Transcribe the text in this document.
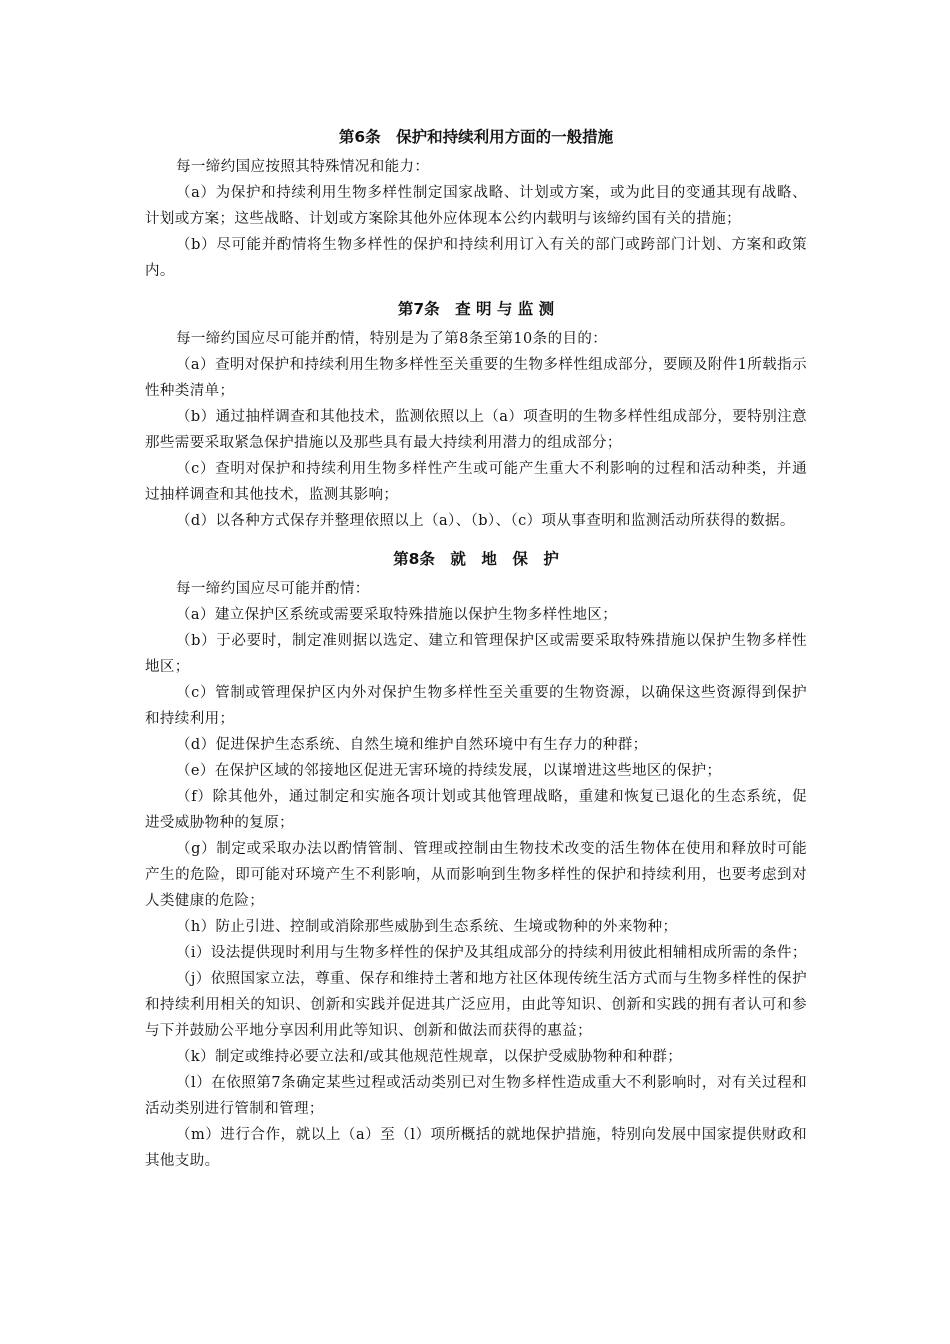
第6条　保护和持续利用方面的一般措施

每一缔约国应按照其特殊情况和能力：

（a）为保护和持续利用生物多样性制定国家战略、计划或方案，或为此目的变通其现有战略、计划或方案；这些战略、计划或方案除其他外应体现本公约内载明与该缔约国有关的措施；

（b）尽可能并酌情将生物多样性的保护和持续利用订入有关的部门或跨部门计划、方案和政策内。

第7条　查 明 与 监 测

每一缔约国应尽可能并酌情，特别是为了第8条至第10条的目的：

（a）查明对保护和持续利用生物多样性至关重要的生物多样性组成部分，要顾及附件1所载指示性种类清单；

（b）通过抽样调查和其他技术，监测依照以上（a）项查明的生物多样性组成部分，要特别注意那些需要采取紧急保护措施以及那些具有最大持续利用潜力的组成部分；

（c）查明对保护和持续利用生物多样性产生或可能产生重大不利影响的过程和活动种类，并通过抽样调查和其他技术，监测其影响；

（d）以各种方式保存并整理依照以上（a）、（b）、（c）项从事查明和监测活动所获得的数据。

第8条　就　地　保　护

每一缔约国应尽可能并酌情：

（a）建立保护区系统或需要采取特殊措施以保护生物多样性地区；

（b）于必要时，制定准则据以选定、建立和管理保护区或需要采取特殊措施以保护生物多样性地区；

（c）管制或管理保护区内外对保护生物多样性至关重要的生物资源，以确保这些资源得到保护和持续利用；

（d）促进保护生态系统、自然生境和维护自然环境中有生存力的种群；

（e）在保护区域的邻接地区促进无害环境的持续发展，以谋增进这些地区的保护；

（f）除其他外，通过制定和实施各项计划或其他管理战略，重建和恢复已退化的生态系统，促进受威胁物种的复原；

（g）制定或采取办法以酌情管制、管理或控制由生物技术改变的活生物体在使用和释放时可能产生的危险，即可能对环境产生不利影响，从而影响到生物多样性的保护和持续利用，也要考虑到对人类健康的危险；

（h）防止引进、控制或消除那些威胁到生态系统、生境或物种的外来物种；

（i）设法提供现时利用与生物多样性的保护及其组成部分的持续利用彼此相辅相成所需的条件；

（j）依照国家立法，尊重、保存和维持土著和地方社区体现传统生活方式而与生物多样性的保护和持续利用相关的知识、创新和实践并促进其广泛应用，由此等知识、创新和实践的拥有者认可和参与下并鼓励公平地分享因利用此等知识、创新和做法而获得的惠益；

（k）制定或维持必要立法和/或其他规范性规章，以保护受威胁物种和种群；

（l）在依照第7条确定某些过程或活动类别已对生物多样性造成重大不利影响时，对有关过程和活动类别进行管制和管理；

（m）进行合作，就以上（a）至（l）项所概括的就地保护措施，特别向发展中国家提供财政和其他支助。
